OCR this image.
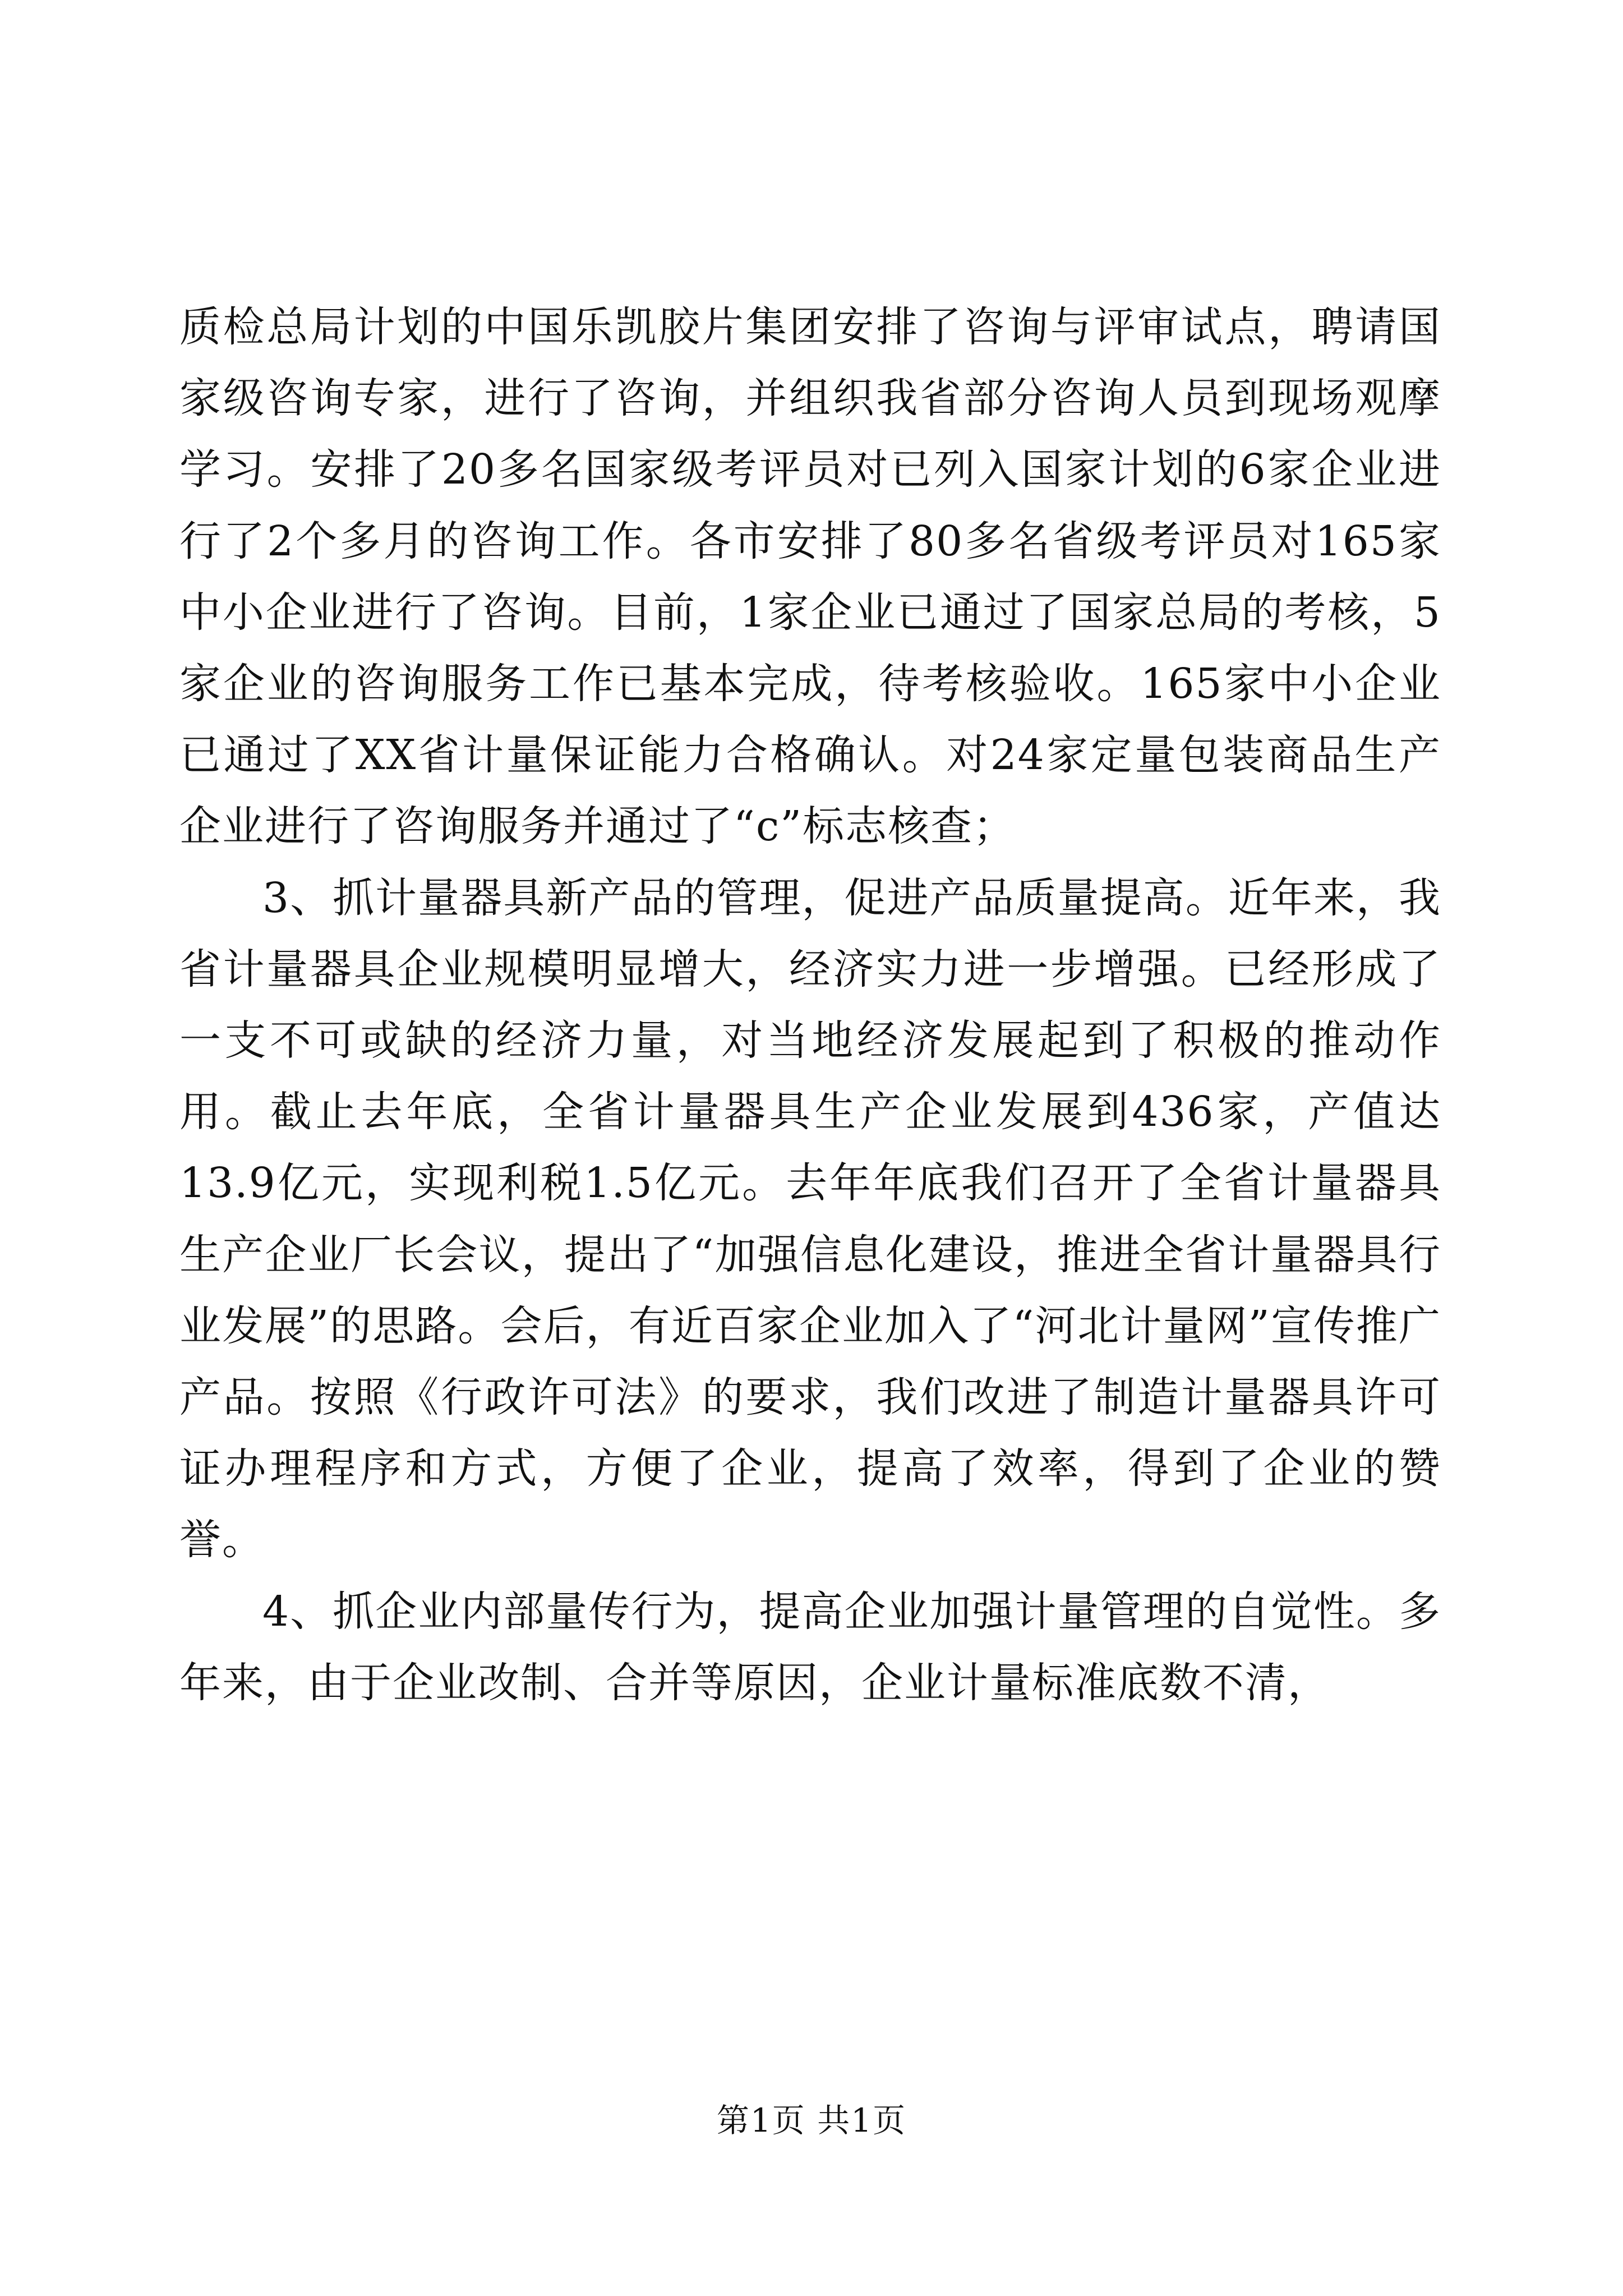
质检总局计划的中国乐凯胶片集团安排了咨询与评审试点，聘请国家级咨询专家，进行了咨询，并组织我省部分咨询人员到现场观摩学习。安排了20多名国家级考评员对已列入国家计划的6家企业进行了2个多月的咨询工作。各市安排了80多名省级考评员对165家中小企业进行了咨询。目前，1家企业已通过了国家总局的考核，5家企业的咨询服务工作已基本完成，待考核验收。165家中小企业已通过了XX省计量保证能力合格确认。对24家定量包装商品生产企业进行了咨询服务并通过了“c”标志核查；

3、抓计量器具新产品的管理，促进产品质量提高。近年来，我省计量器具企业规模明显增大，经济实力进一步增强。已经形成了一支不可或缺的经济力量，对当地经济发展起到了积极的推动作用。截止去年底，全省计量器具生产企业发展到436家，产值达13.9亿元，实现利税1.5亿元。去年年底我们召开了全省计量器具生产企业厂长会议，提出了“加强信息化建设，推进全省计量器具行业发展”的思路。会后，有近百家企业加入了“河北计量网”宣传推广产品。按照《行政许可法》的要求，我们改进了制造计量器具许可证办理程序和方式，方便了企业，提高了效率，得到了企业的赞誉。

4、抓企业内部量传行为，提高企业加强计量管理的自觉性。多年来，由于企业改制、合并等原因，企业计量标准底数不清，

第1页 共1页
